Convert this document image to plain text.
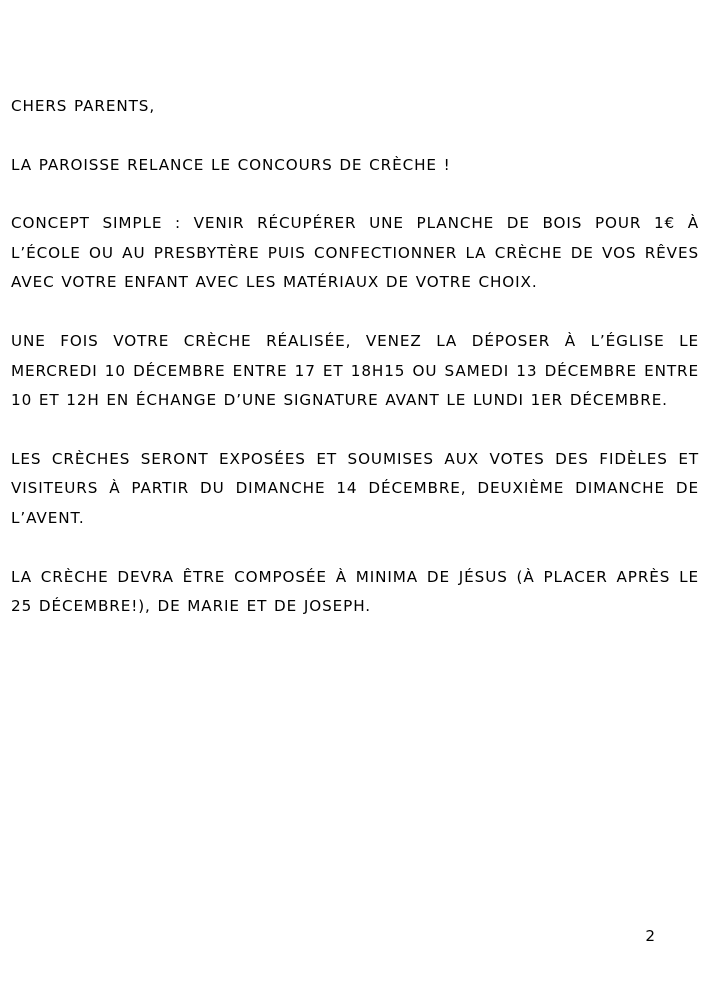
CHERS PARENTS,

LA PAROISSE RELANCE LE CONCOURS DE CRÈCHE !

CONCEPT SIMPLE : VENIR RÉCUPÉRER UNE PLANCHE DE BOIS POUR 1€ À L’ÉCOLE OU AU PRESBYTÈRE PUIS CONFECTIONNER LA CRÈCHE DE VOS RÊVES AVEC VOTRE ENFANT AVEC LES MATÉRIAUX DE VOTRE CHOIX.

UNE FOIS VOTRE CRÈCHE RÉALISÉE, VENEZ LA DÉPOSER À L’ÉGLISE LE MERCREDI 10 DÉCEMBRE ENTRE 17 ET 18H15 OU SAMEDI 13 DÉCEMBRE ENTRE 10 ET 12H EN ÉCHANGE D’UNE SIGNATURE AVANT LE LUNDI 1ER DÉCEMBRE.

LES CRÈCHES SERONT EXPOSÉES ET SOUMISES AUX VOTES DES FIDÈLES ET VISITEURS À PARTIR DU DIMANCHE 14 DÉCEMBRE, DEUXIÈME DIMANCHE DE L’AVENT.

LA CRÈCHE DEVRA ÊTRE COMPOSÉE À MINIMA DE JÉSUS (À PLACER APRÈS LE 25 DÉCEMBRE!), DE MARIE ET DE JOSEPH.

2
